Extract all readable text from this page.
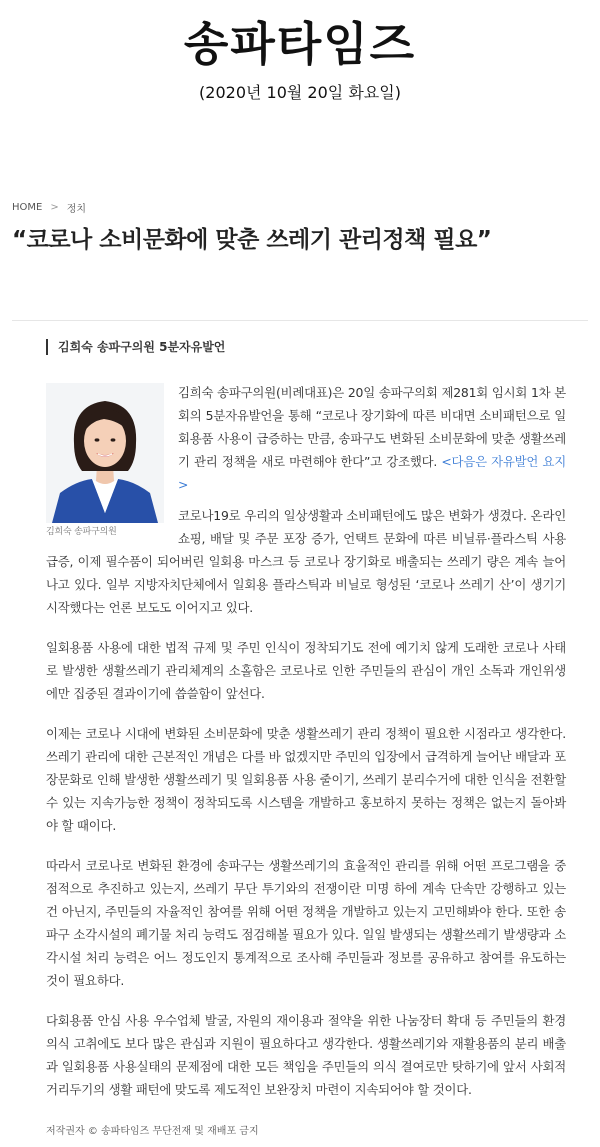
송파타임즈
(2020년 10월 20일 화요일)
HOME > 정치
“코로나 소비문화에 맞춘 쓰레기 관리정책 필요”
김희숙 송파구의원 5분자유발언
김희숙 송파구의원

김희숙 송파구의원(비례대표)은 20일 송파구의회 제281회 임시회 1차 본회의 5분자유발언을 통해 “코로나 장기화에 따른 비대면 소비패턴으로 일회용품 사용이 급증하는 만큼, 송파구도 변화된 소비문화에 맞춘 생활쓰레기 관리 정책을 새로 마련해야 한다”고 강조했다. <다음은 자유발언 요지>

코로나19로 우리의 일상생활과 소비패턴에도 많은 변화가 생겼다. 온라인 쇼핑, 배달 및 주문 포장 증가, 언택트 문화에 따른 비닐류·플라스틱 사용 급증, 이제 필수품이 되어버린 일회용 마스크 등 코로나 장기화로 배출되는 쓰레기 량은 계속 늘어나고 있다. 일부 지방자치단체에서 일회용 플라스틱과 비닐로 형성된 ‘코로나 쓰레기 산’이 생기기 시작했다는 언론 보도도 이어지고 있다.

일회용품 사용에 대한 법적 규제 및 주민 인식이 정착되기도 전에 예기치 않게 도래한 코로나 사태로 발생한 생활쓰레기 관리체계의 소홀함은 코로나로 인한 주민들의 관심이 개인 소독과 개인위생에만 집중된 결과이기에 씁쓸함이 앞선다.

이제는 코로나 시대에 변화된 소비문화에 맞춘 생활쓰레기 관리 정책이 필요한 시점라고 생각한다. 쓰레기 관리에 대한 근본적인 개념은 다를 바 없겠지만 주민의 입장에서 급격하게 늘어난 배달과 포장문화로 인해 발생한 생활쓰레기 및 일회용품 사용 줄이기, 쓰레기 분리수거에 대한 인식을 전환할 수 있는 지속가능한 정책이 정착되도록 시스템을 개발하고 홍보하지 못하는 정책은 없는지 돌아봐야 할 때이다.

따라서 코로나로 변화된 환경에 송파구는 생활쓰레기의 효율적인 관리를 위해 어떤 프로그램을 중점적으로 추진하고 있는지, 쓰레기 무단 투기와의 전쟁이란 미명 하에 계속 단속만 강행하고 있는 건 아닌지, 주민들의 자율적인 참여를 위해 어떤 정책을 개발하고 있는지 고민해봐야 한다. 또한 송파구 소각시설의 폐기물 처리 능력도 점검해볼 필요가 있다. 일일 발생되는 생활쓰레기 발생량과 소각시설 처리 능력은 어느 정도인지 통계적으로 조사해 주민들과 정보를 공유하고 참여를 유도하는 것이 필요하다.

다회용품 안심 사용 우수업체 발굴, 자원의 재이용과 절약을 위한 나눔장터 확대 등 주민들의 환경 의식 고취에도 보다 많은 관심과 지원이 필요하다고 생각한다. 생활쓰레기와 재활용품의 분리 배출과 일회용품 사용실태의 문제점에 대한 모든 책임을 주민들의 의식 결여로만 탓하기에 앞서 사회적 거리두기의 생활 패턴에 맞도록 제도적인 보완장치 마련이 지속되어야 할 것이다.

저작권자 © 송파타임즈 무단전재 및 재배포 금지
